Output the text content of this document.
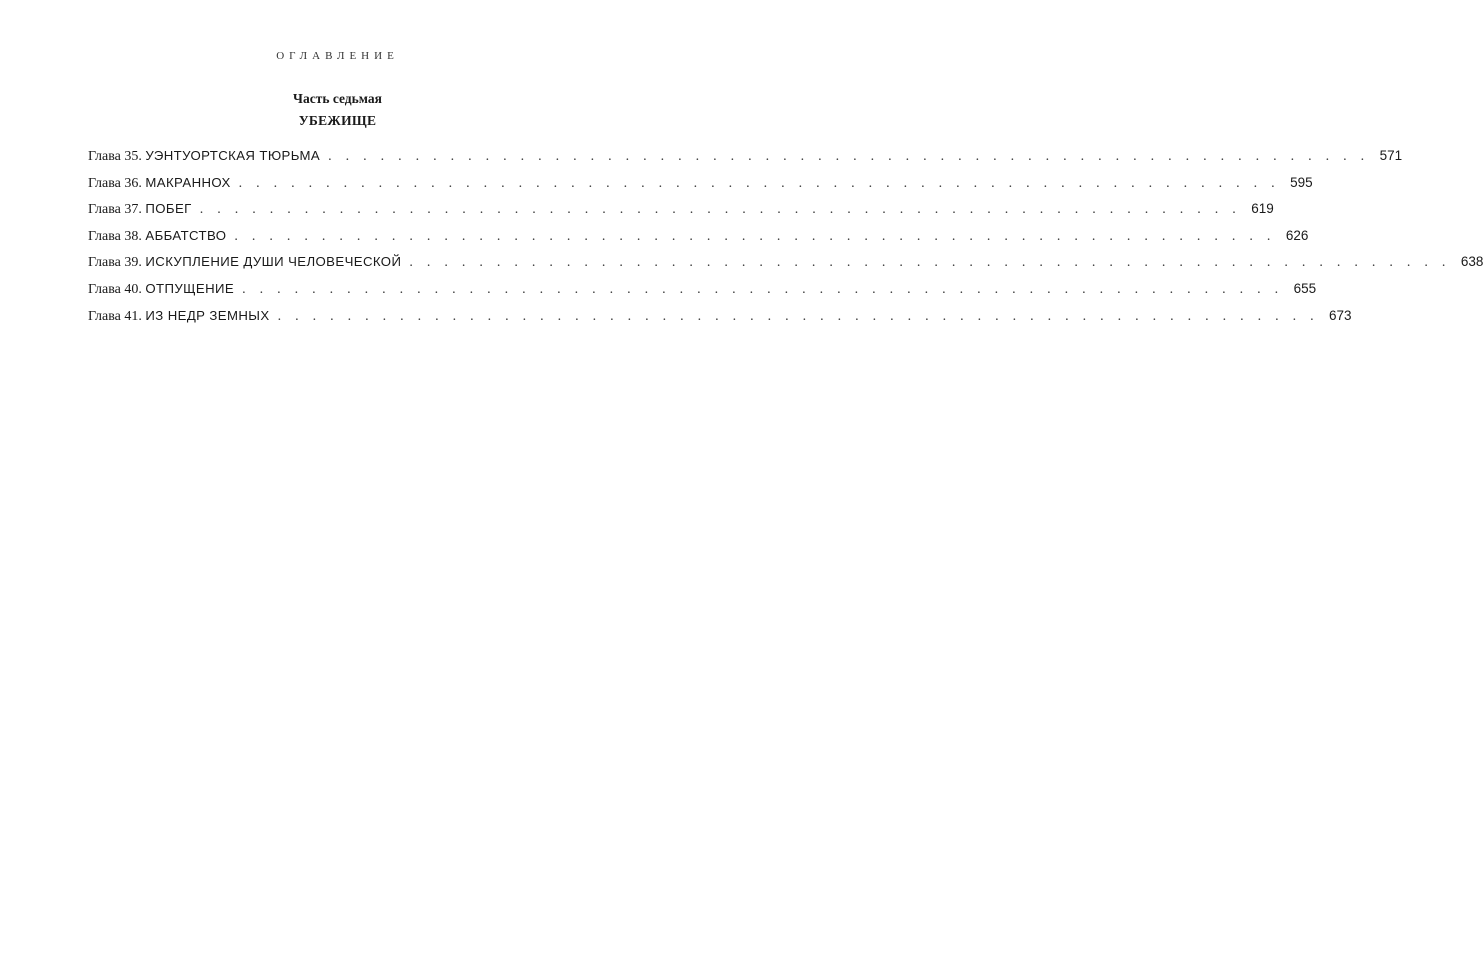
ОГЛАВЛЕНИЕ
Часть седьмая
УБЕЖИЩЕ
Глава 35. УЭНТУОРТСКАЯ ТЮРЬМА .    .    .    .    .    .    .    .    .    .    .    .    .    .    .    .    .    .    .    .    .    .    .    .    .    .    .    .    .    .    .    .    .    .    .    .    .    .    .    .    .    .    .    .    .    .    .    .    .    .    .    .    .    .    .    .    .    .    .    .	571
Глава 36. МАКРАННОХ .    .    .    .    .    .    .    .    .    .    .    .    .    .    .    .    .    .    .    .    .    .    .    .    .    .    .    .    .    .    .    .    .    .    .    .    .    .    .    .    .    .    .    .    .    .    .    .    .    .    .    .    .    .    .    .    .    .    .    .	595
Глава 37. ПОБЕГ .    .    .    .    .    .    .    .    .    .    .    .    .    .    .    .    .    .    .    .    .    .    .    .    .    .    .    .    .    .    .    .    .    .    .    .    .    .    .    .    .    .    .    .    .    .    .    .    .    .    .    .    .    .    .    .    .    .    .    .	619
Глава 38. АББАТСТВО .    .    .    .    .    .    .    .    .    .    .    .    .    .    .    .    .    .    .    .    .    .    .    .    .    .    .    .    .    .    .    .    .    .    .    .    .    .    .    .    .    .    .    .    .    .    .    .    .    .    .    .    .    .    .    .    .    .    .    .	626
Глава 39. ИСКУПЛЕНИЕ ДУШИ ЧЕЛОВЕЧЕСКОЙ .    .    .    .    .    .    .    .    .    .    .    .    .    .    .    .    .    .    .    .    .    .    .    .    .    .    .    .    .    .    .    .    .    .    .    .    .    .    .    .    .    .    .    .    .    .    .    .    .    .    .    .    .    .    .    .    .    .    .    .	638
Глава 40. ОТПУЩЕНИЕ .    .    .    .    .    .    .    .    .    .    .    .    .    .    .    .    .    .    .    .    .    .    .    .    .    .    .    .    .    .    .    .    .    .    .    .    .    .    .    .    .    .    .    .    .    .    .    .    .    .    .    .    .    .    .    .    .    .    .    .	655
Глава 41. ИЗ НЕДР ЗЕМНЫХ .    .    .    .    .    .    .    .    .    .    .    .    .    .    .    .    .    .    .    .    .    .    .    .    .    .    .    .    .    .    .    .    .    .    .    .    .    .    .    .    .    .    .    .    .    .    .    .    .    .    .    .    .    .    .    .    .    .    .    .	673
